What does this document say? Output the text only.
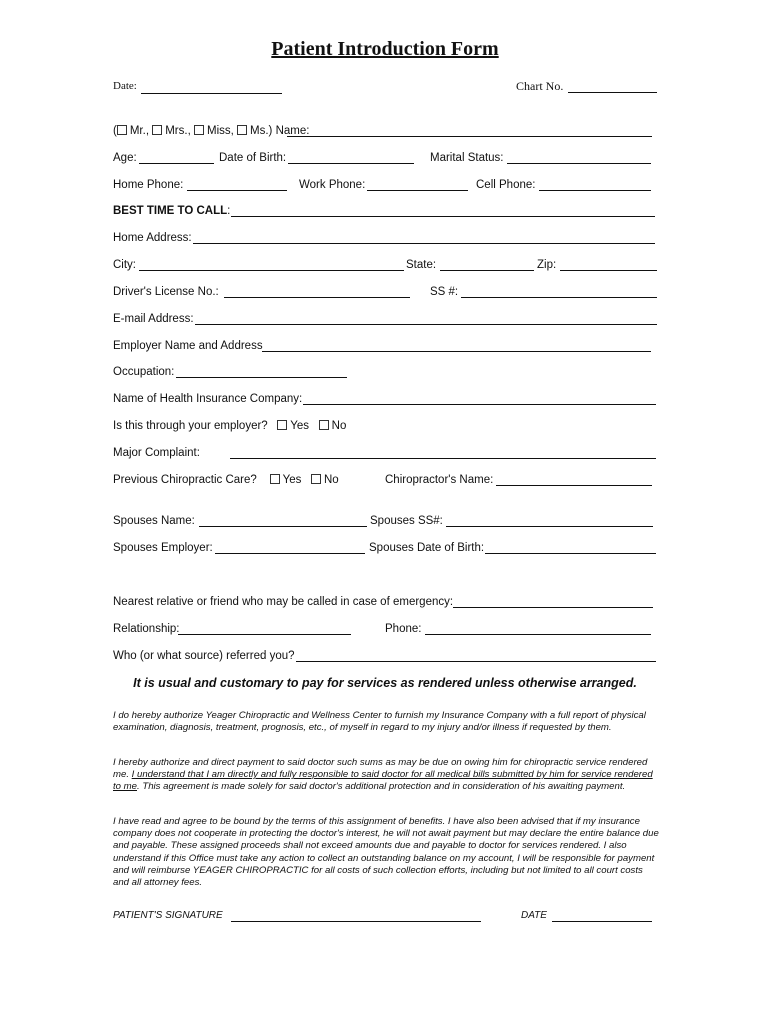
Patient Introduction Form
Date:	Chart No.
( Mr., Mrs., Miss, Ms.) Name:
Age:	Date of Birth:	Marital Status:
Home Phone:	Work Phone:	Cell Phone:
BEST TIME TO CALL:
Home Address:
City:	State:	Zip:
Driver's License No.:	SS #:
E-mail Address:
Employer Name and Address
Occupation:
Name of Health Insurance Company:
Is this through your employer? Yes No
Major Complaint:
Previous Chiropractic Care? Yes No	Chiropractor's Name:
Spouses Name:	Spouses SS#:
Spouses Employer:	Spouses Date of Birth:
Nearest relative or friend who may be called in case of emergency:
Relationship:	Phone:
Who (or what source) referred you?
It is usual and customary to pay for services as rendered unless otherwise arranged.
I do hereby authorize Yeager Chiropractic and Wellness Center to furnish my Insurance Company with a full report of physical examination, diagnosis, treatment, prognosis, etc., of myself in regard to my injury and/or illness if requested by them.
I hereby authorize and direct payment to said doctor such sums as may be due on owing him for chiropractic service rendered me. I understand that I am directly and fully responsible to said doctor for all medical bills submitted by him for service rendered to me. This agreement is made solely for said doctor's additional protection and in consideration of his awaiting payment.
I have read and agree to be bound by the terms of this assignment of benefits. I have also been advised that if my insurance company does not cooperate in protecting the doctor's interest, he will not await payment but may declare the entire balance due and payable. These assigned proceeds shall not exceed amounts due and payable to doctor for services rendered. I also understand if this Office must take any action to collect an outstanding balance on my account, I will be responsible for payment and will reimburse YEAGER CHIROPRACTIC for all costs of such collection efforts, including but not limited to all court costs and all attorney fees.
PATIENT'S SIGNATURE	DATE
